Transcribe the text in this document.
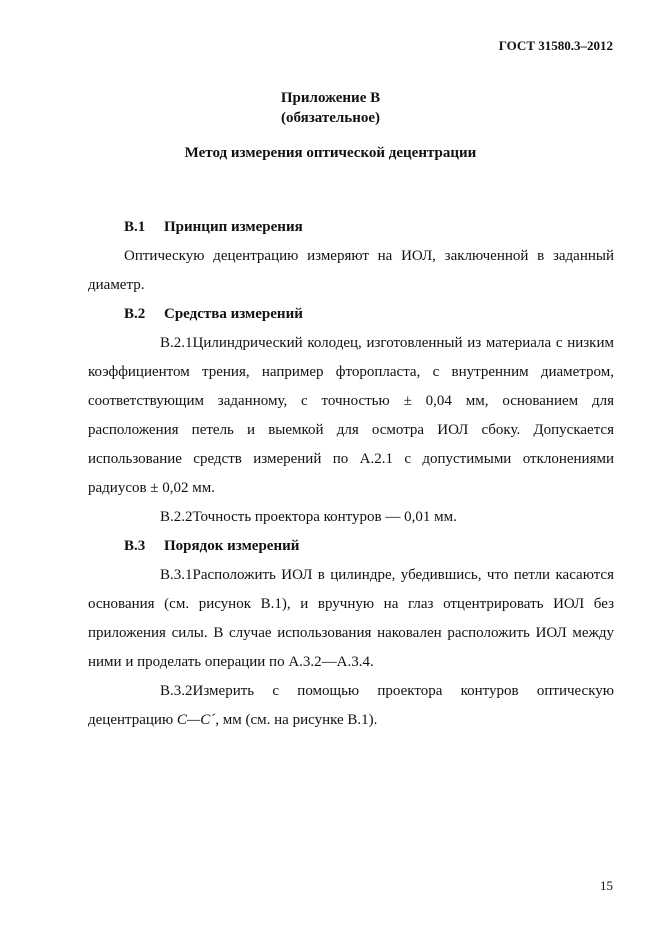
ГОСТ 31580.3–2012
Приложение В
(обязательное)
Метод измерения оптической децентрации

В.1 Принцип измерения

Оптическую децентрацию измеряют на ИОЛ, заключенной в заданный диаметр.

В.2 Средства измерений

В.2.1Цилиндрический колодец, изготовленный из материала с низким коэффициентом трения, например фторопласта, с внутренним диаметром, соответствующим заданному, с точностью ± 0,04 мм, основанием для расположения петель и выемкой для осмотра ИОЛ сбоку. Допускается использование средств измерений по А.2.1 с допустимыми отклонениями радиусов ± 0,02 мм.

В.2.2Точность проектора контуров — 0,01 мм.

В.3 Порядок измерений

В.3.1Расположить ИОЛ в цилиндре, убедившись, что петли касаются основания (см. рисунок В.1), и вручную на глаз отцентрировать ИОЛ без приложения силы. В случае использования наковален расположить ИОЛ между ними и проделать операции по А.3.2—А.3.4.

В.3.2Измерить с помощью проектора контуров оптическую децентрацию С—С´, мм (см. на рисунке В.1).

15
